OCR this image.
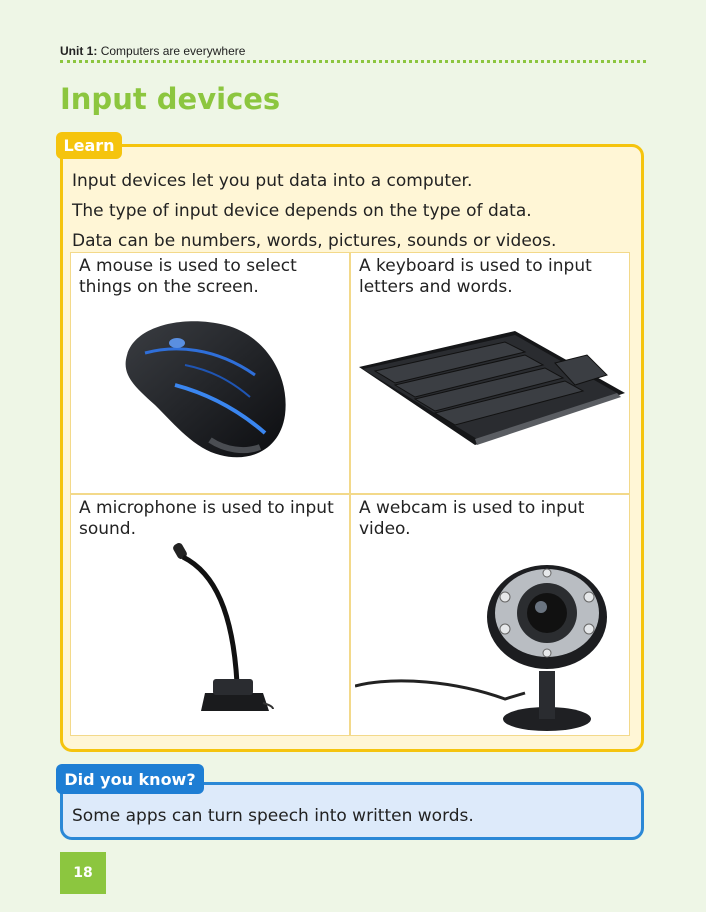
Unit 1: Computers are everywhere
Input devices
Learn
Input devices let you put data into a computer.
The type of input device depends on the type of data.
Data can be numbers, words, pictures, sounds or videos.
A mouse is used to select things on the screen.
A keyboard is used to input letters and words.
A microphone is used to input sound.
A webcam is used to input video.
Did you know?
Some apps can turn speech into written words.
18
